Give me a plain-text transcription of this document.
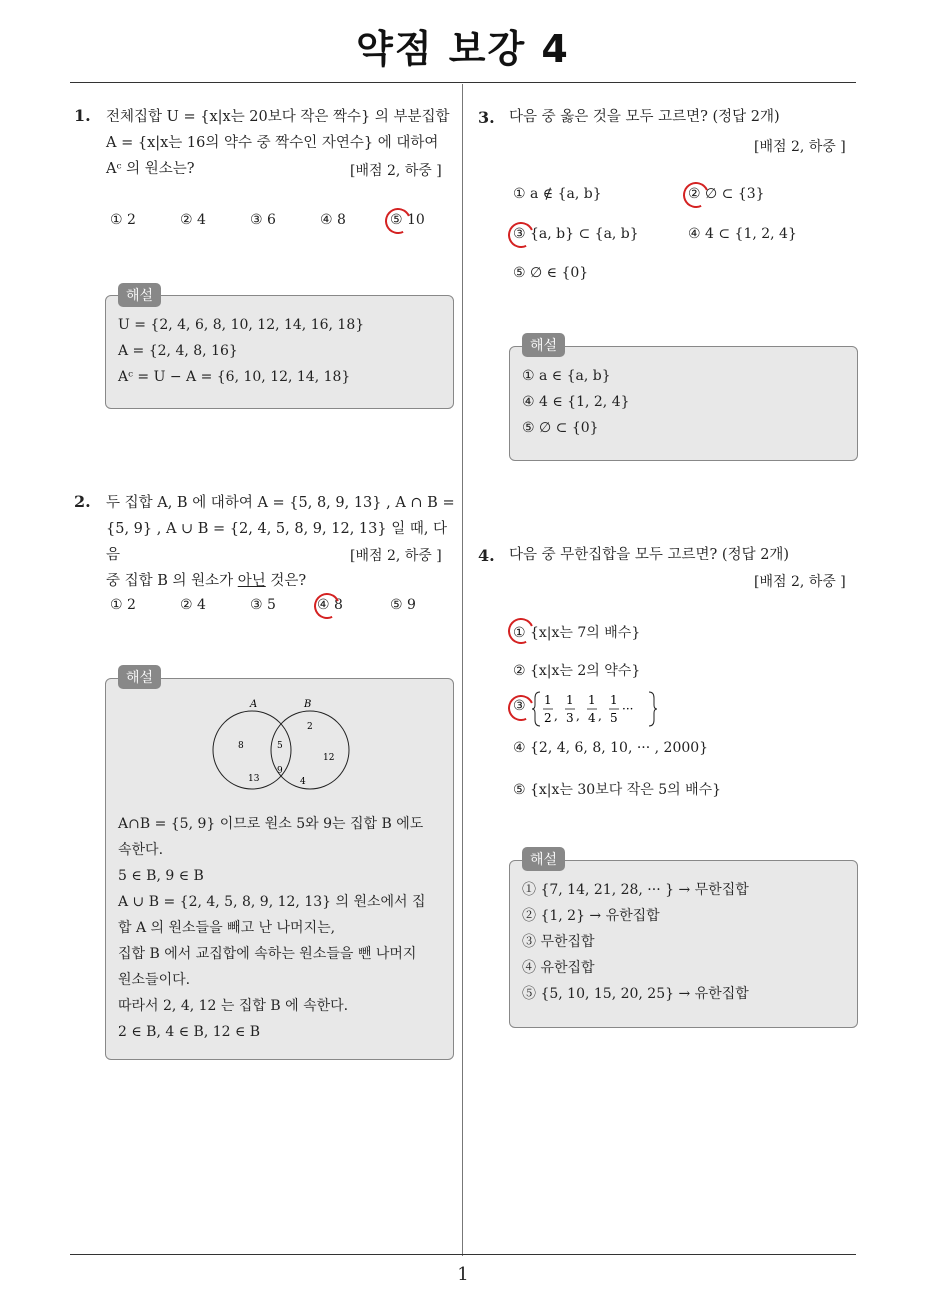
약점 보강 4
1
1. 전체집합 U = {x|x는 20보다 작은 짝수} 의 부분집합
A = {x|x는 16의 약수 중 짝수인 자연수} 에 대하여
Aᶜ 의 원소는?	[배점 2, 하중 ]
① 2	② 4	③ 6	④ 8	⑤ 10
U = {2, 4, 6, 8, 10, 12, 14, 16, 18}
A = {2, 4, 8, 16}
Aᶜ = U − A = {6, 10, 12, 14, 18}
해설
2. 두 집합 A, B 에 대하여 A = {5, 8, 9, 13} , A ∩ B =
{5, 9} , A ∪ B = {2, 4, 5, 8, 9, 12, 13} 일 때, 다음
중 집합 B 의 원소가 아닌 것은?
[배점 2, 하중 ]
① 2	② 4	③ 5	④ 8	⑤ 9
A	B
8
13
5
9
2
12
4
A∩B = {5, 9} 이므로 원소 5와 9는 집합 B 에도
속한다.
5 ∈ B, 9 ∈ B
A ∪ B = {2, 4, 5, 8, 9, 12, 13} 의 원소에서 집
합 A 의 원소들을 빼고 난 나머지는,
집합 B 에서 교집합에 속하는 원소들을 뺀 나머지
원소들이다.
따라서 2, 4, 12 는 집합 B 에 속한다.
2 ∈ B, 4 ∈ B, 12 ∈ B
해설
3. 다음 중 옳은 것을 모두 고르면? (정답 2개)
[배점 2, 하중 ]
① a ∉ {a, b}	② ∅ ⊂ {3}
③ {a, b} ⊂ {a, b}	④ 4 ⊂ {1, 2, 4}
⑤ ∅ ∈ {0}
① a ∈ {a, b}
④ 4 ∈ {1, 2, 4}
⑤ ∅ ⊂ {0}
해설
4. 다음 중 무한집합을 모두 고르면? (정답 2개)
[배점 2, 하중 ]
① {x|x는 7의 배수}
② {x|x는 2의 약수}
③ 1
2 ,
1
3 ,
1
4 ,
1
5
···
④ {2, 4, 6, 8, 10, ··· , 2000}
⑤ {x|x는 30보다 작은 5의 배수}
① {7, 14, 21, 28, ··· } → 무한집합
② {1, 2} → 유한집합
③ 무한집합
④ 유한집합
⑤ {5, 10, 15, 20, 25} → 유한집합
해설
